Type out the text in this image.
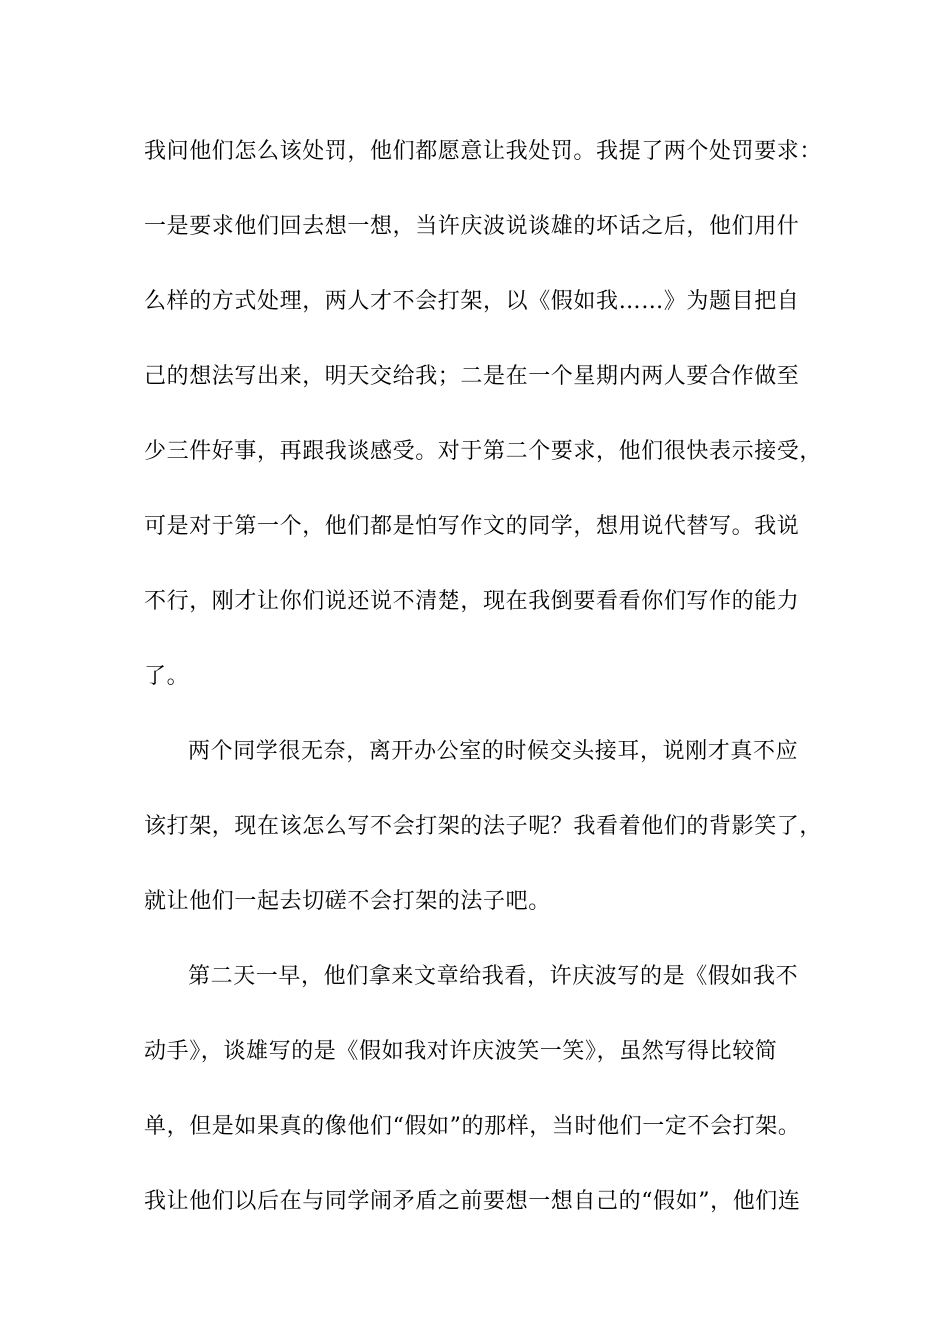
我问他们怎么该处罚，他们都愿意让我处罚。我提了两个处罚要求：
一是要求他们回去想一想，当许庆波说谈雄的坏话之后，他们用什
么样的方式处理，两人才不会打架，以《假如我……》为题目把自
己的想法写出来，明天交给我；二是在一个星期内两人要合作做至
少三件好事，再跟我谈感受。对于第二个要求，他们很快表示接受，
可是对于第一个，他们都是怕写作文的同学，想用说代替写。我说
不行，刚才让你们说还说不清楚，现在我倒要看看你们写作的能力
了。
两个同学很无奈，离开办公室的时候交头接耳，说刚才真不应
该打架，现在该怎么写不会打架的法子呢？我看着他们的背影笑了，
就让他们一起去切磋不会打架的法子吧。
第二天一早，他们拿来文章给我看，许庆波写的是《假如我不
动手》，谈雄写的是《假如我对许庆波笑一笑》，虽然写得比较简
单，但是如果真的像他们“假如”的那样，当时他们一定不会打架。
我让他们以后在与同学闹矛盾之前要想一想自己的“假如”，他们连
